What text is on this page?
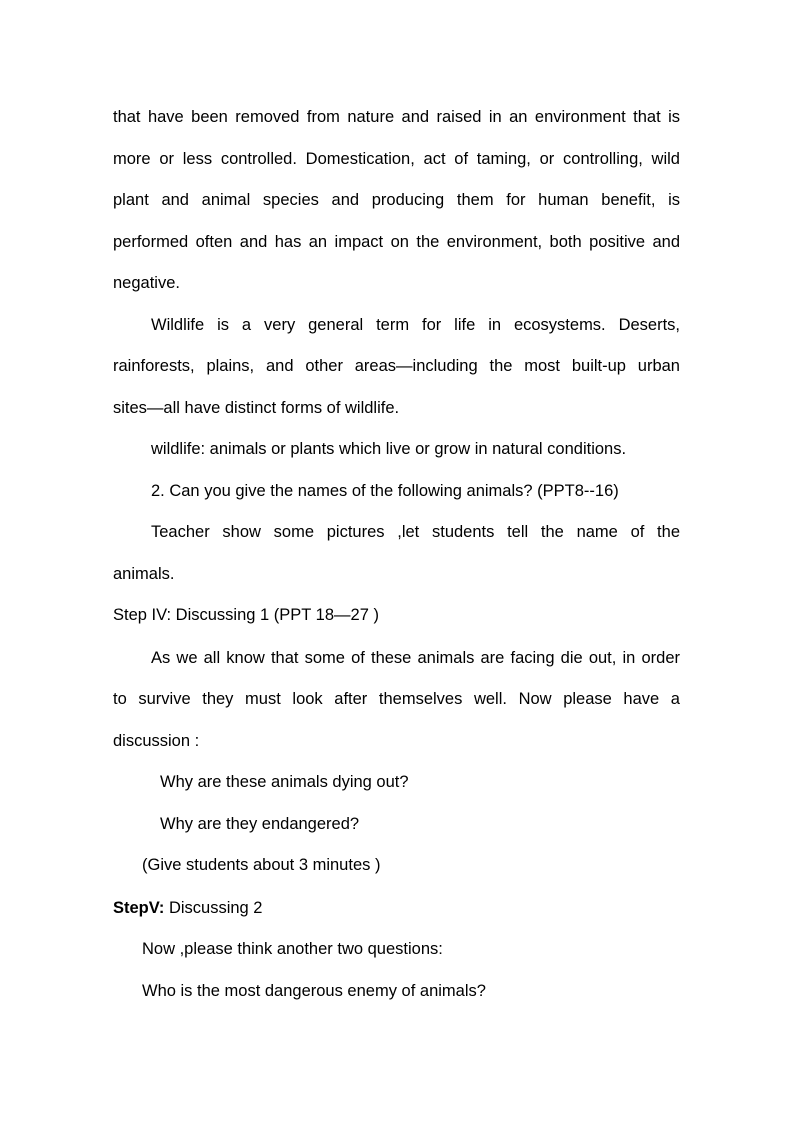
that have been removed from nature and raised in an environment that is
more or less controlled. Domestication, act of taming, or controlling, wild
plant and animal species and producing them for human benefit, is
performed often and has an impact on the environment, both positive and
negative.
Wildlife is a very general term for life in ecosystems. Deserts,
rainforests, plains, and other areas—including the most built-up urban
sites—all have distinct forms of wildlife.
wildlife: animals or plants which live or grow in natural conditions.
2. Can you give the names of the following animals? (PPT8--16)
Teacher show some pictures ,let students tell the name of the
animals.
Step IV: Discussing 1 (PPT 18—27 )
As we all know that some of these animals are facing die out, in order
to survive they must look after themselves well. Now please have a
discussion :
Why are these animals dying out?
Why are they endangered?
(Give students about 3 minutes )
StepV: Discussing 2
Now ,please think another two questions:
Who is the most dangerous enemy of animals?
